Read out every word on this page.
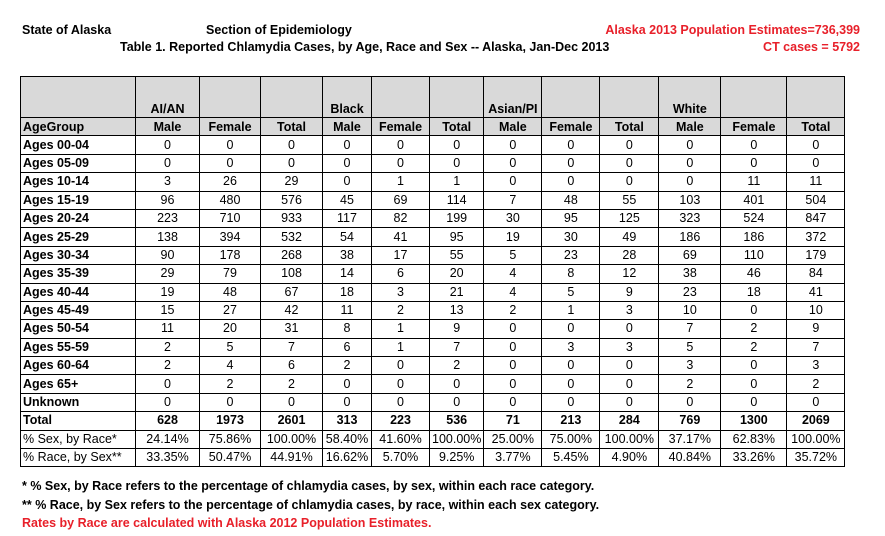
State of Alaska	Section of Epidemiology
Table 1. Reported Chlamydia Cases, by Age, Race and Sex -- Alaska, Jan-Dec 2013
Alaska 2013 Population Estimates=736,399
CT cases = 5792
	AI/AN			Black			Asian/PI			White		
AgeGroup	Male	Female	Total	Male	Female	Total	Male	Female	Total	Male	Female	Total
Ages 00-04	0	0	0	0	0	0	0	0	0	0	0	0
Ages 05-09	0	0	0	0	0	0	0	0	0	0	0	0
Ages 10-14	3	26	29	0	1	1	0	0	0	0	11	11
Ages 15-19	96	480	576	45	69	114	7	48	55	103	401	504
Ages 20-24	223	710	933	117	82	199	30	95	125	323	524	847
Ages 25-29	138	394	532	54	41	95	19	30	49	186	186	372
Ages 30-34	90	178	268	38	17	55	5	23	28	69	110	179
Ages 35-39	29	79	108	14	6	20	4	8	12	38	46	84
Ages 40-44	19	48	67	18	3	21	4	5	9	23	18	41
Ages 45-49	15	27	42	11	2	13	2	1	3	10	0	10
Ages 50-54	11	20	31	8	1	9	0	0	0	7	2	9
Ages 55-59	2	5	7	6	1	7	0	3	3	5	2	7
Ages 60-64	2	4	6	2	0	2	0	0	0	3	0	3
Ages 65+	0	2	2	0	0	0	0	0	0	2	0	2
Unknown	0	0	0	0	0	0	0	0	0	0	0	0
Total	628	1973	2601	313	223	536	71	213	284	769	1300	2069
% Sex, by Race*	24.14%	75.86%	100.00%	58.40%	41.60%	100.00%	25.00%	75.00%	100.00%	37.17%	62.83%	100.00%
% Race, by Sex**	33.35%	50.47%	44.91%	16.62%	5.70%	9.25%	3.77%	5.45%	4.90%	40.84%	33.26%	35.72%
* % Sex, by Race refers to the percentage of chlamydia cases, by sex, within each race category.
** % Race, by Sex refers to the percentage of chlamydia cases, by race, within each sex category.
Rates by Race are calculated with Alaska 2012 Population Estimates.
